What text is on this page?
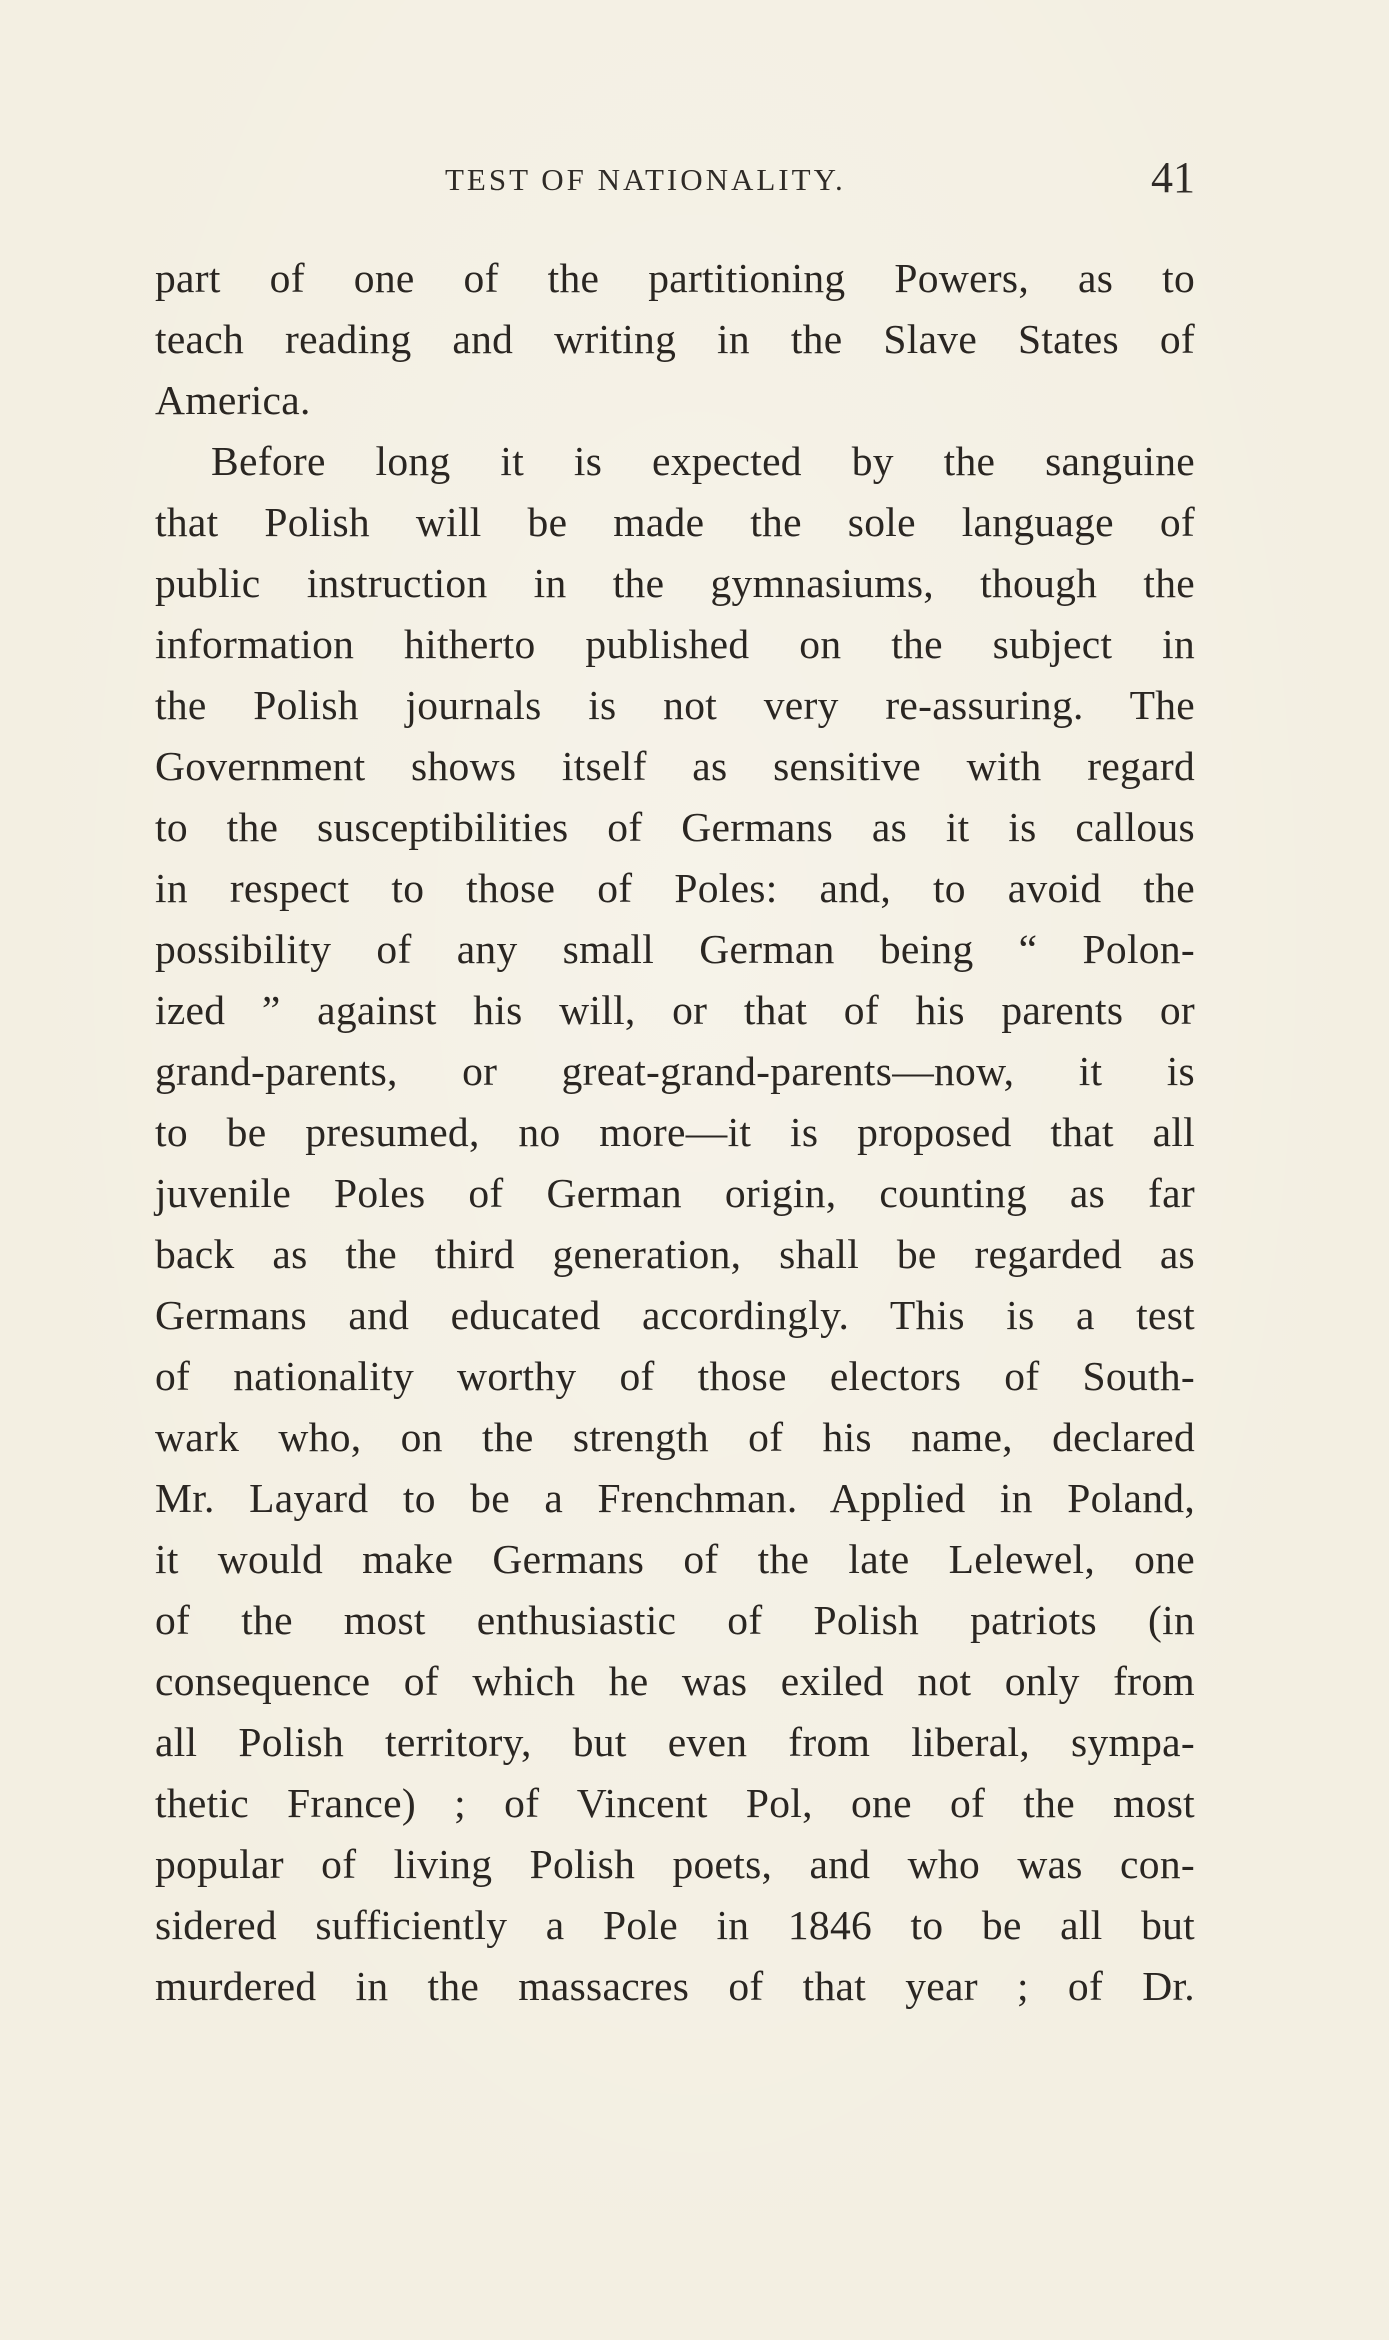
TEST OF NATIONALITY.	41
part of one of the partitioning Powers, as to
teach reading and writing in the Slave States of
America.
Before long it is expected by the sanguine
that Polish will be made the sole language of
public instruction in the gymnasiums, though the
information hitherto published on the subject in
the Polish journals is not very re-assuring. The
Government shows itself as sensitive with regard
to the susceptibilities of Germans as it is callous
in respect to those of Poles: and, to avoid the
possibility of any small German being “ Polon-
ized ” against his will, or that of his parents or
grand-parents, or great-grand-parents—now, it is
to be presumed, no more—it is proposed that all
juvenile Poles of German origin, counting as far
back as the third generation, shall be regarded as
Germans and educated accordingly. This is a test
of nationality worthy of those electors of South-
wark who, on the strength of his name, declared
Mr. Layard to be a Frenchman. Applied in Poland,
it would make Germans of the late Lelewel, one
of the most enthusiastic of Polish patriots (in
consequence of which he was exiled not only from
all Polish territory, but even from liberal, sympa-
thetic France) ; of Vincent Pol, one of the most
popular of living Polish poets, and who was con-
sidered sufficiently a Pole in 1846 to be all but
murdered in the massacres of that year ; of Dr.
